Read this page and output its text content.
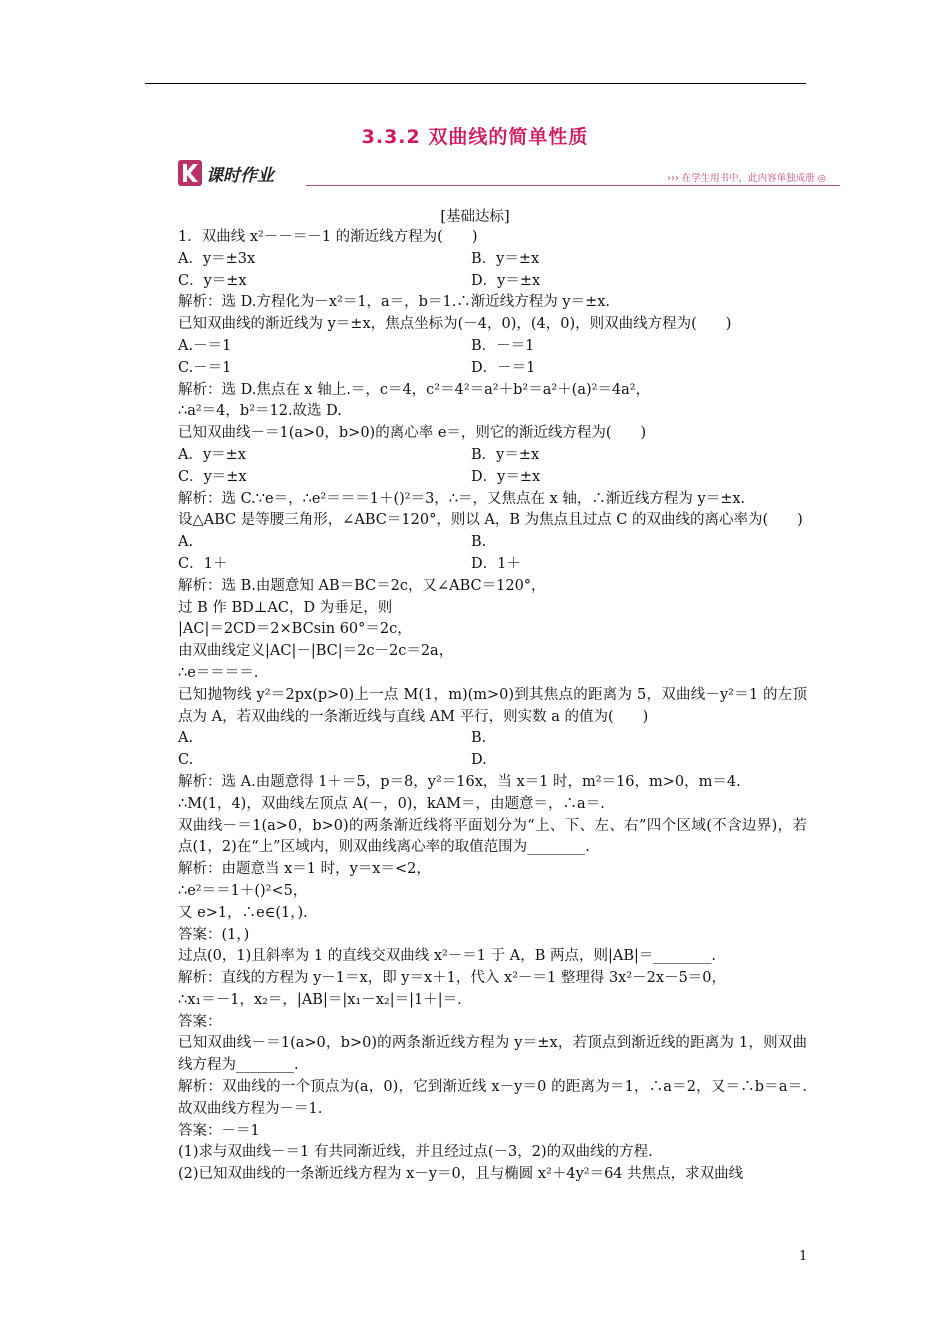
3.3.2 双曲线的简单性质
课时作业	››› 在学生用书中，此内容单独成册 ◎
[基础达标]
1．双曲线 x²－－＝－1 的渐近线方程为(　　)
A．y＝±3x	B．y＝±x
C．y＝±x	D．y＝±x
解析：选 D.方程化为－x²＝1，a＝，b＝1.∴渐近线方程为 y＝±x.
已知双曲线的渐近线为 y＝±x，焦点坐标为(－4，0)，(4，0)，则双曲线方程为(　　)
A.－＝1	B．－＝1
C.－＝1	D．－＝1
解析：选 D.焦点在 x 轴上.＝，c＝4，c²＝4²＝a²＋b²＝a²＋(a)²＝4a²，
∴a²＝4，b²＝12.故选 D.
已知双曲线－＝1(a>0，b>0)的离心率 e＝，则它的渐近线方程为(　　)
A．y＝±x	B．y＝±x
C．y＝±x	D．y＝±x
解析：选 C.∵e＝，∴e²＝＝＝1＋()²＝3，∴＝，又焦点在 x 轴，∴渐近线方程为 y＝±x.
设△ABC 是等腰三角形，∠ABC＝120°，则以 A，B 为焦点且过点 C 的双曲线的离心率为(　　)
A.	B.
C．1＋	D．1＋
解析：选 B.由题意知 AB＝BC＝2c，又∠ABC＝120°，
过 B 作 BD⊥AC，D 为垂足，则
|AC|＝2CD＝2×BCsin 60°＝2c，
由双曲线定义|AC|－|BC|＝2c－2c＝2a，
∴e＝＝＝＝.
已知抛物线 y²＝2px(p>0)上一点 M(1，m)(m>0)到其焦点的距离为 5，双曲线－y²＝1 的左顶点为 A，若双曲线的一条渐近线与直线 AM 平行，则实数 a 的值为(　　)
A.	B.
C.	D.
解析：选 A.由题意得 1＋＝5，p＝8，y²＝16x，当 x＝1 时，m²＝16，m>0，m＝4.
∴M(1，4)，双曲线左顶点 A(－，0)，kAM＝，由题意＝，∴a＝.
双曲线－＝1(a>0，b>0)的两条渐近线将平面划分为“上、下、左、右”四个区域(不含边界)，若点(1，2)在“上”区域内，则双曲线离心率的取值范围为________.
解析：由题意当 x＝1 时，y＝x＝<2，
∴e²＝＝1＋()²<5，
又 e>1，∴e∈(1，).
答案：(1，)
过点(0，1)且斜率为 1 的直线交双曲线 x²－＝1 于 A，B 两点，则|AB|＝________.
解析：直线的方程为 y－1＝x，即 y＝x＋1，代入 x²－＝1 整理得 3x²－2x－5＝0，
∴x₁＝－1，x₂＝，|AB|＝|x₁－x₂|＝|1＋|＝.
答案：
已知双曲线－＝1(a>0，b>0)的两条渐近线方程为 y＝±x，若顶点到渐近线的距离为 1，则双曲线方程为________.
解析：双曲线的一个顶点为(a，0)，它到渐近线 x－y＝0 的距离为＝1，∴a＝2，又＝∴b＝a＝.故双曲线方程为－＝1.
答案：－＝1
(1)求与双曲线－＝1 有共同渐近线，并且经过点(－3，2)的双曲线的方程.
(2)已知双曲线的一条渐近线方程为 x－y＝0，且与椭圆 x²＋4y²＝64 共焦点，求双曲线
1
